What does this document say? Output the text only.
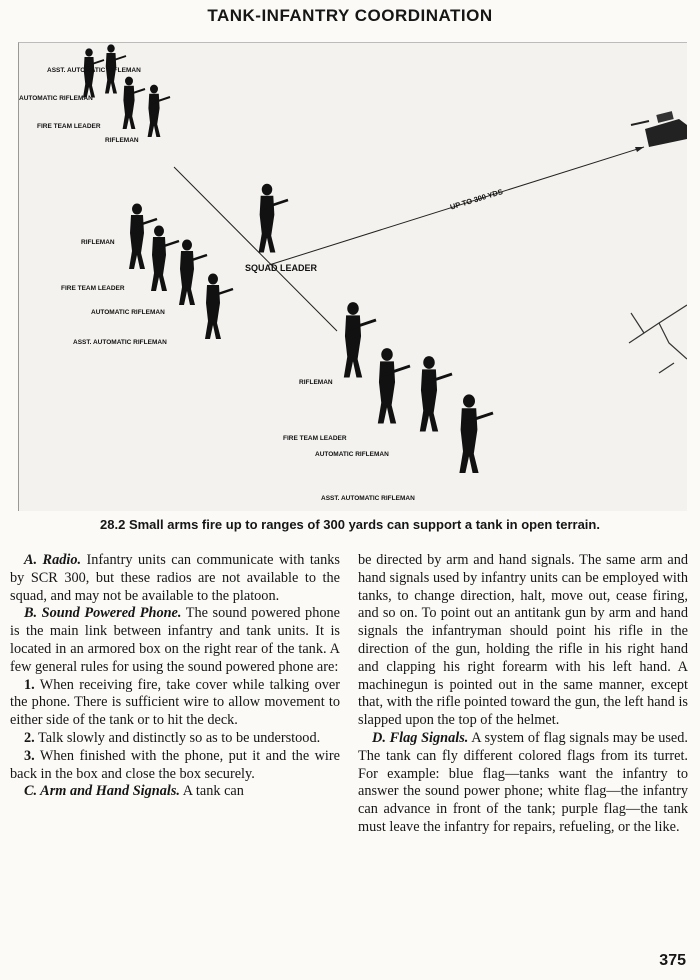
TANK-INFANTRY COORDINATION
ASST. AUTOMATIC RIFLEMAN
AUTOMATIC RIFLEMAN
FIRE TEAM LEADER
RIFLEMAN
RIFLEMAN
FIRE TEAM LEADER
AUTOMATIC RIFLEMAN
ASST. AUTOMATIC RIFLEMAN
SQUAD LEADER
UP TO 300 YDS
RIFLEMAN
FIRE TEAM LEADER
AUTOMATIC RIFLEMAN
ASST. AUTOMATIC RIFLEMAN
28.2 Small arms fire up to ranges of 300 yards can support a tank in open terrain.

A. Radio. Infantry units can communicate with tanks by SCR 300, but these radios are not available to the squad, and may not be available to the platoon.

B. Sound Powered Phone. The sound powered phone is the main link between infantry and tank units. It is located in an armored box on the right rear of the tank. A few general rules for using the sound powered phone are:

1. When receiving fire, take cover while talking over the phone. There is sufficient wire to allow movement to either side of the tank or to hit the deck.

2. Talk slowly and distinctly so as to be understood.

3. When finished with the phone, put it and the wire back in the box and close the box securely.

C. Arm and Hand Signals. A tank can

be directed by arm and hand signals. The same arm and hand signals used by infantry units can be employed with tanks, to change direction, halt, move out, cease firing, and so on. To point out an antitank gun by arm and hand signals the infantryman should point his rifle in the direction of the gun, holding the rifle in his right hand and clapping his right forearm with his left hand. A machinegun is pointed out in the same manner, except that, with the rifle pointed toward the gun, the left hand is slapped upon the top of the helmet.

D. Flag Signals. A system of flag signals may be used. The tank can fly different colored flags from its turret. For example: blue flag—tanks want the infantry to answer the sound power phone; white flag—the infantry can advance in front of the tank; purple flag—the tank must leave the infantry for repairs, refueling, or the like.

375
